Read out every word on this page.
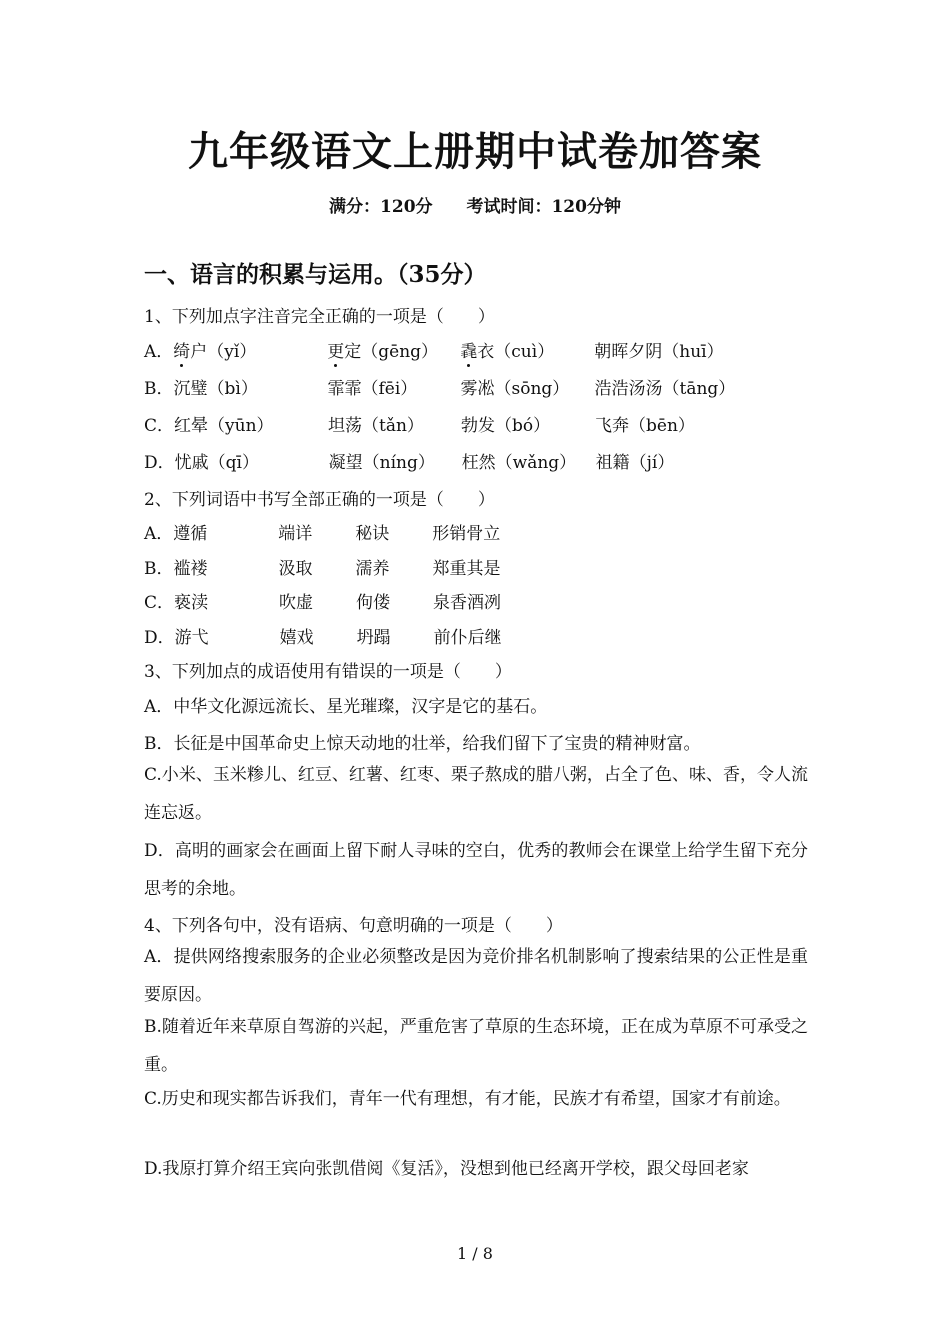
九年级语文上册期中试卷加答案
满分：120分 考试时间：120分钟
一、语言的积累与运用。（35分）
1、下列加点字注音完全正确的一项是（　　）
A．绮户（yǐ）	更定（gēng） 毳衣（cuì） 朝晖夕阴（huī）
B．沉璧（bì）	霏霏（fēi）	雾凇（sōng） 浩浩汤汤（tāng）
C．红晕（yūn）	坦荡（tǎn） 勃发（bó）	飞奔（bēn）
D．忧戚（qī）	凝望（níng） 枉然（wǎng） 祖籍（jí）
2、下列词语中书写全部正确的一项是（　　）
A．遵循	端详	秘诀	形销骨立
B．褴褛	汲取	濡养	郑重其是
C．亵渎	吹虚	佝偻	泉香酒冽
D．游弋	嬉戏	坍蹋	前仆后继
3、下列加点的成语使用有错误的一项是（　　）
A．中华文化源远流长、星光璀璨，汉字是它的基石。
B．长征是中国革命史上惊天动地的壮举，给我们留下了宝贵的精神财富。
C.小米、玉米糁儿、红豆、红薯、红枣、栗子熬成的腊八粥，占全了色、味、香，令人流连忘返。
D．高明的画家会在画面上留下耐人寻味的空白，优秀的教师会在课堂上给学生留下充分思考的余地。
4、下列各句中，没有语病、句意明确的一项是（　　）
A．提供网络搜索服务的企业必须整改是因为竞价排名机制影响了搜索结果的公正性是重要原因。
B.随着近年来草原自驾游的兴起，严重危害了草原的生态环境，正在成为草原不可承受之重。
C.历史和现实都告诉我们，青年一代有理想，有才能，民族才有希望，国家才有前途。
D.我原打算介绍王宾向张凯借阅《复活》，没想到他已经离开学校，跟父母回老家
1 / 8
